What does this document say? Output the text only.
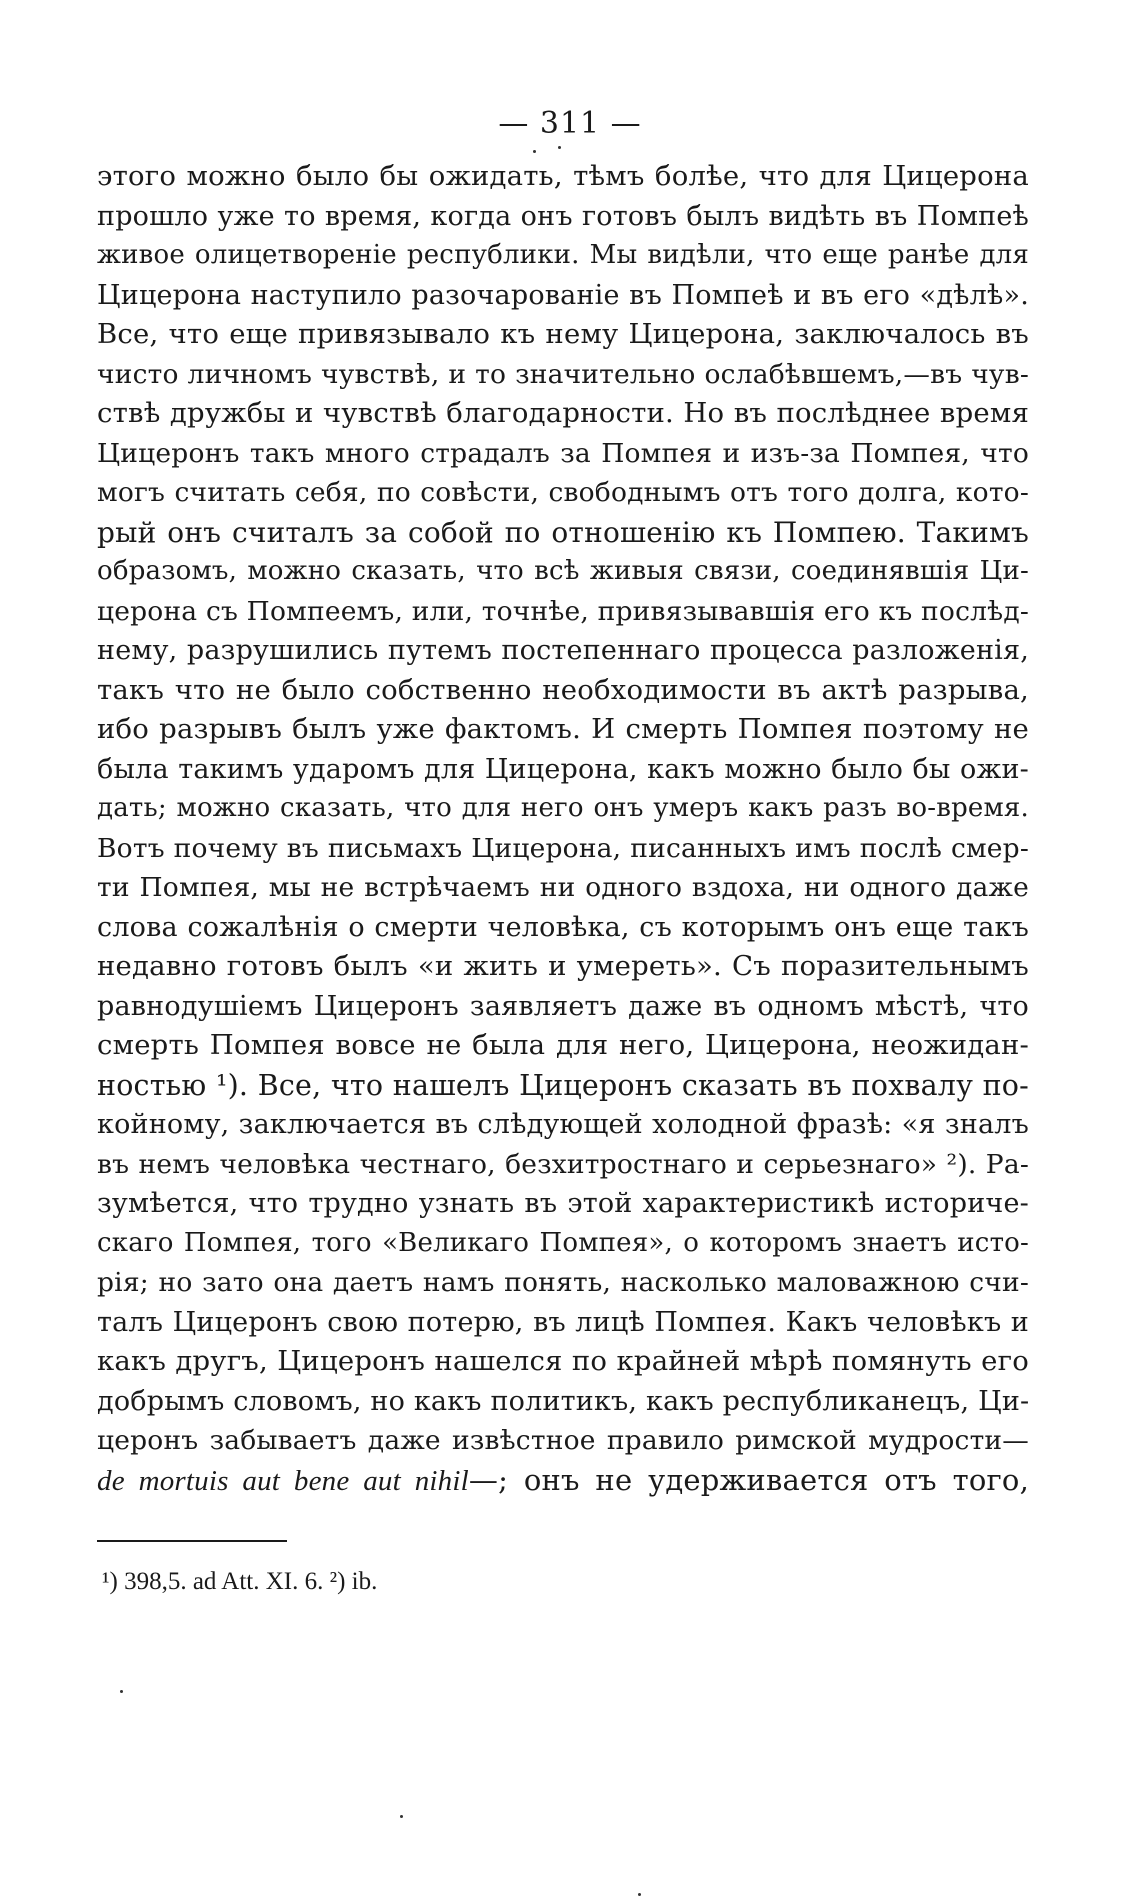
— 311 —
этого можно было бы ожидать, тѣмъ болѣе, что для Цицерона
прошло уже то время, когда онъ готовъ былъ видѣть въ Помпеѣ
живое олицетвореніе республики. Мы видѣли, что еще ранѣе для
Цицерона наступило разочарованіе въ Помпеѣ и въ его «дѣлѣ».
Все, что еще привязывало къ нему Цицерона, заключалось въ
чисто личномъ чувствѣ, и то значительно ослабѣвшемъ,—въ чув-
ствѣ дружбы и чувствѣ благодарности. Но въ послѣднее время
Цицеронъ такъ много страдалъ за Помпея и изъ-за Помпея, что
могъ считать себя, по совѣсти, свободнымъ отъ того долга, кото-
рый онъ считалъ за собой по отношенію къ Помпею. Такимъ
образомъ, можно сказать, что всѣ живыя связи, соединявшія Ци-
церона съ Помпеемъ, или, точнѣе, привязывавшія его къ послѣд-
нему, разрушились путемъ постепеннаго процесса разложенія,
такъ что не было собственно необходимости въ актѣ разрыва,
ибо разрывъ былъ уже фактомъ. И смерть Помпея поэтому не
была такимъ ударомъ для Цицерона, какъ можно было бы ожи-
дать; можно сказать, что для него онъ умеръ какъ разъ во-время.
Вотъ почему въ письмахъ Цицерона, писанныхъ имъ послѣ смер-
ти Помпея, мы не встрѣчаемъ ни одного вздоха, ни одного даже
слова сожалѣнія о смерти человѣка, съ которымъ онъ еще такъ
недавно готовъ былъ «и жить и умереть». Съ поразительнымъ
равнодушіемъ Цицеронъ заявляетъ даже въ одномъ мѣстѣ, что
смерть Помпея вовсе не была для него, Цицерона, неожидан-
ностью ¹). Все, что нашелъ Цицеронъ сказать въ похвалу по-
койному, заключается въ слѣдующей холодной фразѣ: «я зналъ
въ немъ человѣка честнаго, безхитростнаго и серьезнаго» ²). Ра-
зумѣется, что трудно узнать въ этой характеристикѣ историче-
скаго Помпея, того «Великаго Помпея», о которомъ знаетъ исто-
рія; но зато она даетъ намъ понять, насколько маловажною счи-
талъ Цицеронъ свою потерю, въ лицѣ Помпея. Какъ человѣкъ и
какъ другъ, Цицеронъ нашелся по крайней мѣрѣ помянуть его
добрымъ словомъ, но какъ политикъ, какъ республиканецъ, Ци-
церонъ забываетъ даже извѣстное правило римской мудрости—
de mortuis aut bene aut nihil—; онъ не удерживается отъ того,
¹) 398,5. ad Att. XI. 6. ²) ib.
